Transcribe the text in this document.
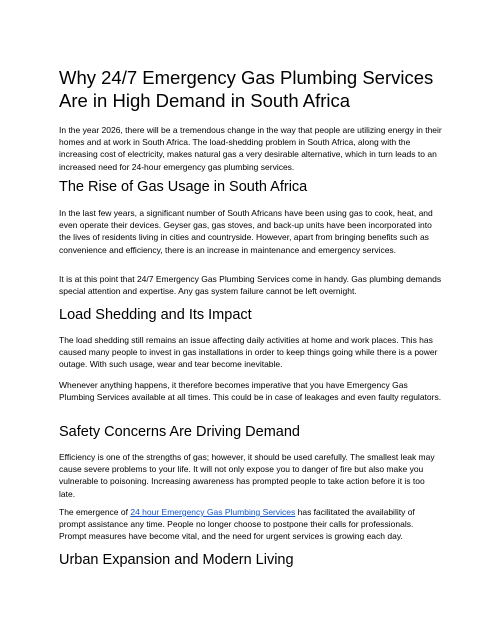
Why 24/7 Emergency Gas Plumbing Services Are in High Demand in South Africa

In the year 2026, there will be a tremendous change in the way that people are utilizing energy in their homes and at work in South Africa. The load-shedding problem in South Africa, along with the increasing cost of electricity, makes natural gas a very desirable alternative, which in turn leads to an increased need for 24-hour emergency gas plumbing services.

The Rise of Gas Usage in South Africa

In the last few years, a significant number of South Africans have been using gas to cook, heat, and even operate their devices. Geyser gas, gas stoves, and back-up units have been incorporated into the lives of residents living in cities and countryside. However, apart from bringing benefits such as convenience and efficiency, there is an increase in maintenance and emergency services.

It is at this point that 24/7 Emergency Gas Plumbing Services come in handy. Gas plumbing demands special attention and expertise. Any gas system failure cannot be left overnight.

Load Shedding and Its Impact

The load shedding still remains an issue affecting daily activities at home and work places. This has caused many people to invest in gas installations in order to keep things going while there is a power outage. With such usage, wear and tear become inevitable.

Whenever anything happens, it therefore becomes imperative that you have Emergency Gas Plumbing Services available at all times. This could be in case of leakages and even faulty regulators.

Safety Concerns Are Driving Demand

Efficiency is one of the strengths of gas; however, it should be used carefully. The smallest leak may cause severe problems to your life. It will not only expose you to danger of fire but also make you vulnerable to poisoning. Increasing awareness has prompted people to take action before it is too late.

The emergence of 24 hour Emergency Gas Plumbing Services has facilitated the availability of prompt assistance any time. People no longer choose to postpone their calls for professionals. Prompt measures have become vital, and the need for urgent services is growing each day.

Urban Expansion and Modern Living
